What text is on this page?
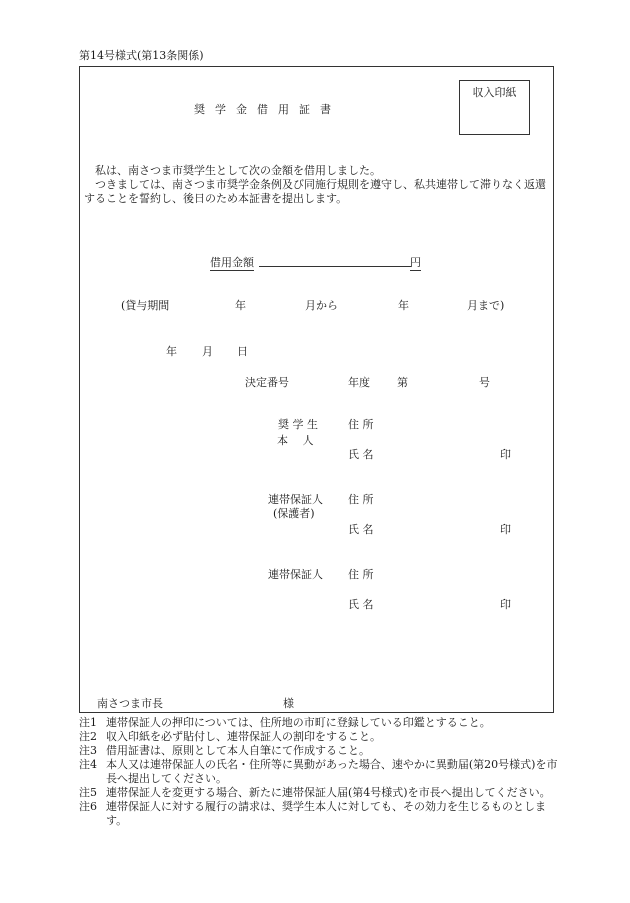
第14号様式(第13条関係)
収入印紙
奨学金借用証書

私は、南さつま市奨学生として次の金額を借用しました。

つきましては、南さつま市奨学金条例及び同施行規則を遵守し、私共連帯して滞りなく返還することを誓約し、後日のため本証書を提出します。

借用金額	円
(貸与期間	年	月から	年	月まで)
年 月 日
決定番号	年度 第	号
奨 学 生
本　 人
住 所
氏 名	印
連帯保証人
(保護者)
住 所
氏 名	印
連帯保証人 住 所
氏 名	印
南さつま市長	様
注1 連帯保証人の押印については、住所地の市町に登録している印鑑とすること。
注2 収入印紙を必ず貼付し、連帯保証人の割印をすること。
注3 借用証書は、原則として本人自筆にて作成すること。
注4 本人又は連帯保証人の氏名・住所等に異動があった場合、速やかに異動届(第20号様式)を市長へ提出してください。
注5 連帯保証人を変更する場合、新たに連帯保証人届(第4号様式)を市長へ提出してください。
注6 連帯保証人に対する履行の請求は、奨学生本人に対しても、その効力を生じるものとします。
